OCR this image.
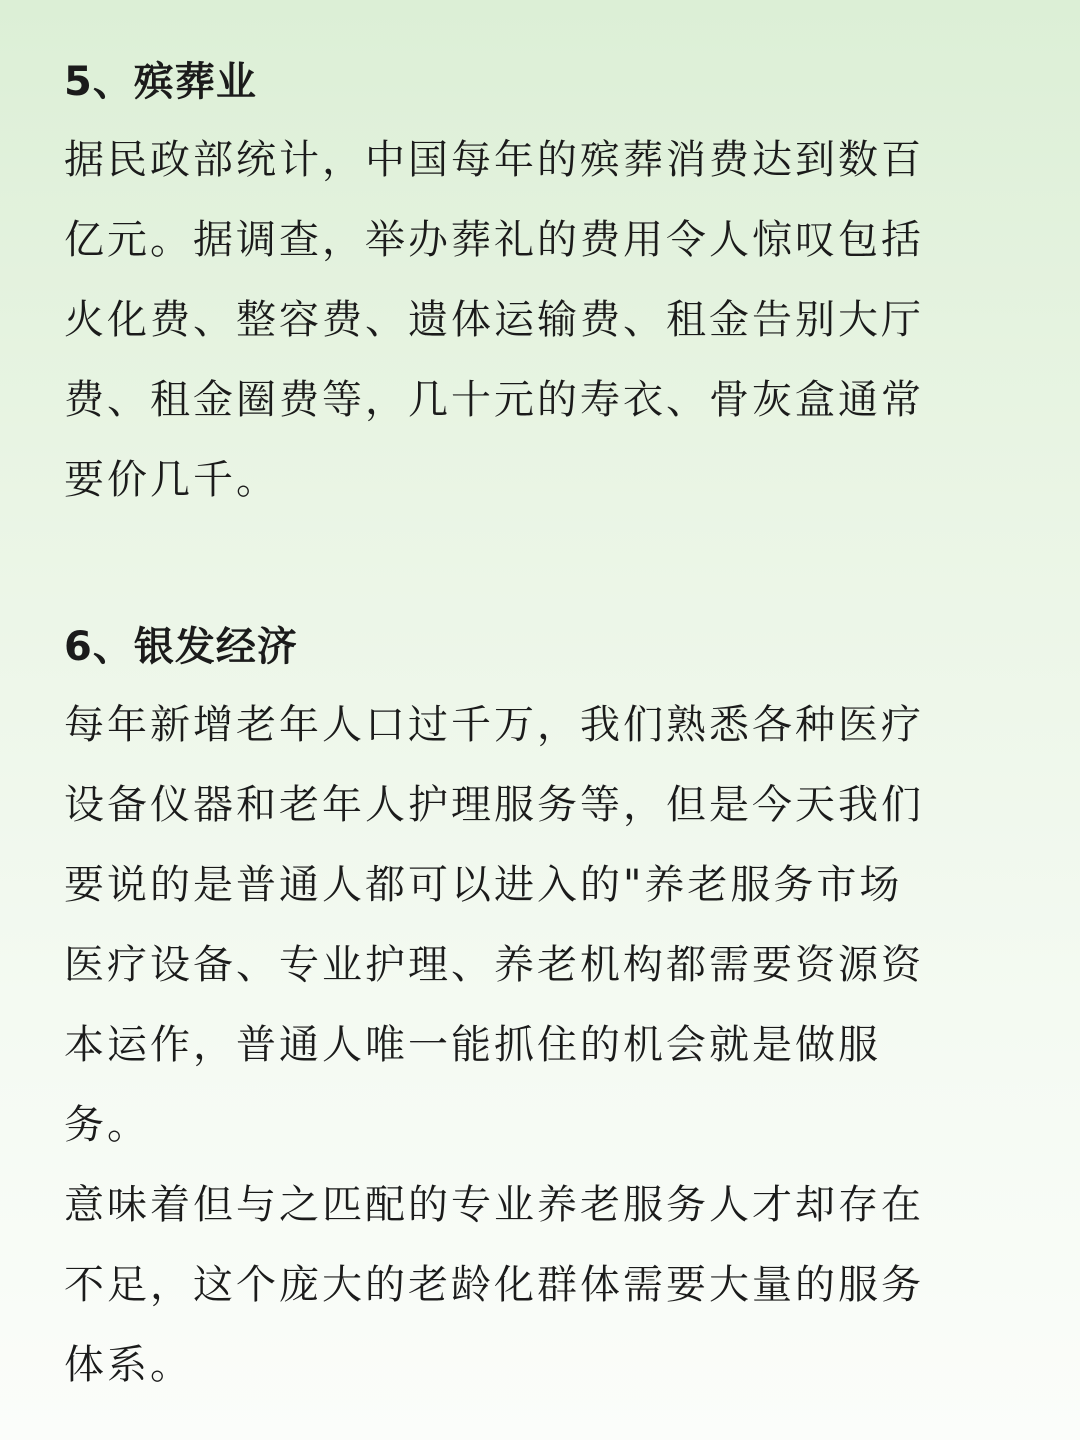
5、殡葬业

据民政部统计，中国每年的殡葬消费达到数百
亿元。据调查，举办葬礼的费用令人惊叹包括
火化费、整容费、遗体运输费、租金告别大厅
费、租金圈费等，几十元的寿衣、骨灰盒通常
要价几千。

6、银发经济

每年新增老年人口过千万，我们熟悉各种医疗
设备仪器和老年人护理服务等，但是今天我们
要说的是普通人都可以进入的"养老服务市场
医疗设备、专业护理、养老机构都需要资源资
本运作，普通人唯一能抓住的机会就是做服
务。

意味着但与之匹配的专业养老服务人才却存在
不足，这个庞大的老龄化群体需要大量的服务
体系。
